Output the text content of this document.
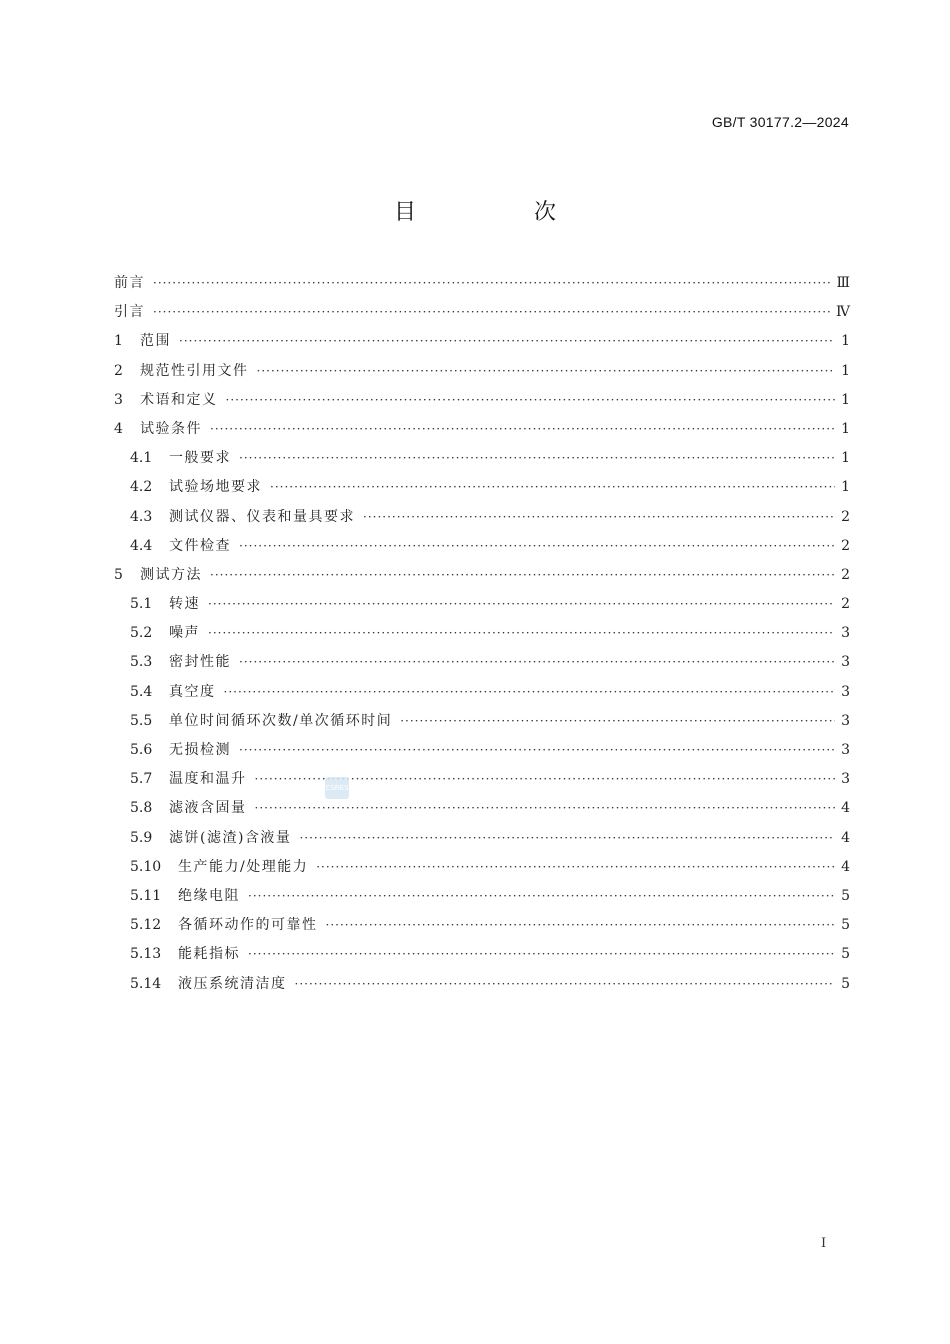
GB/T 30177.2—2024
目　次
前言 ·····	Ⅲ
引言 ·····	Ⅳ
1	范围 ·····	1
2	规范性引用文件 ·····	1
3	术语和定义 ·····	1
4	试验条件 ·····	1
4.1	一般要求 ·····	1
4.2	试验场地要求 ·····	1
4.3	测试仪器、仪表和量具要求 ·····	2
4.4	文件检查 ·····	2
5	测试方法 ·····	2
5.1	转速 ·····	2
5.2	噪声 ·····	3
5.3	密封性能 ·····	3
5.4	真空度 ·····	3
5.5	单位时间循环次数/单次循环时间 ·····	3
5.6	无损检测 ·····	3
5.7	温度和温升 ·····	3
5.8	滤液含固量 ·····	4
5.9	滤饼(滤渣)含液量 ·····	4
5.10	生产能力/处理能力 ·····	4
5.11	绝缘电阻 ·····	5
5.12	各循环动作的可靠性 ·····	5
5.13	能耗指标 ·····	5
5.14	液压系统清洁度 ·····	5
CSRES
Ⅰ
